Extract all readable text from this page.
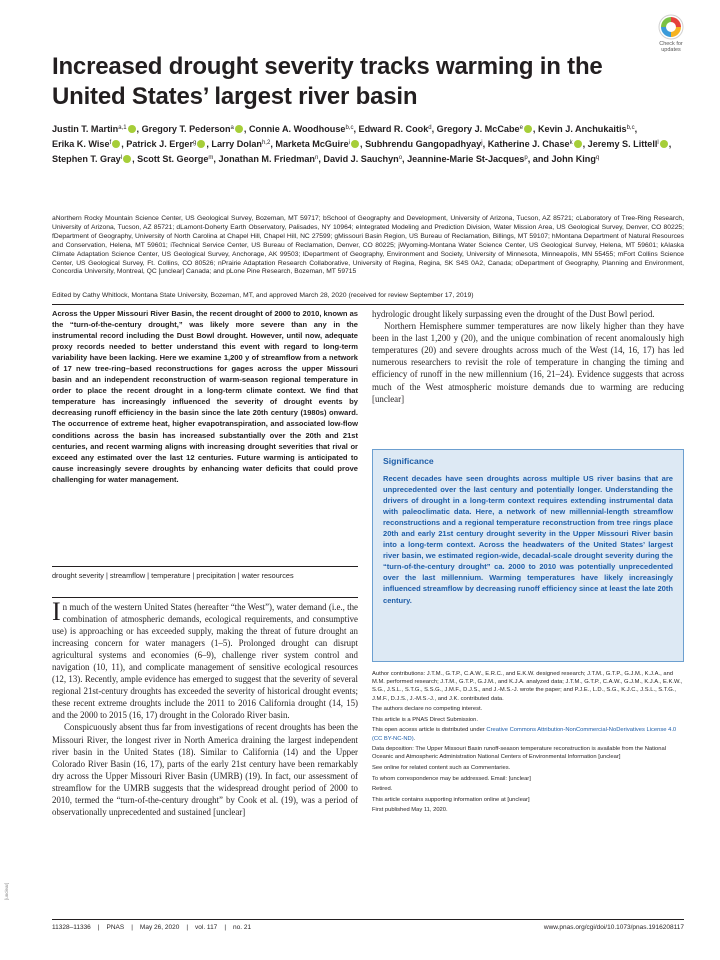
Check for updates
Increased drought severity tracks warming in the United States’ largest river basin
Justin T. Martin$^{a,1}$ , Gregory T. Pederson$^a$ , Connie A. Woodhouse$^{b,c}$, Edward R. Cook$^d$, Gregory J. McCabe$^e$ , Kevin J. Anchukaitis$^{b,c}$, Erika K. Wise$^f$ , Patrick J. Erger$^g$ , Larry Dolan$^{h,2}$, Marketa McGuire$^i$ , Subhrendu Gangopadhyay$^j$, Katherine J. Chase$^k$ , Jeremy S. Littell$^l$ , Stephen T. Gray$^l$ , Scott St. George$^m$, Jonathan M. Friedman$^n$, David J. Sauchyn$^o$, Jeannine-Marie St-Jacques$^p$, and John King$^q$
aNorthern Rocky Mountain Science Center, US Geological Survey, Bozeman, MT 59717; bSchool of Geography and Development, University of Arizona, Tucson, AZ 85721; cLaboratory of Tree-Ring Research, University of Arizona, Tucson, AZ 85721; dLamont-Doherty Earth Observatory, Palisades, NY 10964; eIntegrated Modeling and Prediction Division, Water Mission Area, US Geological Survey, Denver, CO 80225; fDepartment of Geography, University of North Carolina at Chapel Hill, Chapel Hill, NC 27599; gMissouri Basin Region, US Bureau of Reclamation, Billings, MT 59107; hMontana Department of Natural Resources and Conservation, Helena, MT 59601; iTechnical Service Center, US Bureau of Reclamation, Denver, CO 80225; jWyoming-Montana Water Science Center, US Geological Survey, Helena, MT 59601; kAlaska Climate Adaptation Science Center, US Geological Survey, Anchorage, AK 99503; lDepartment of Geography, Environment and Society, University of Minnesota, Minneapolis, MN 55455; mFort Collins Science Center, US Geological Survey, Ft. Collins, CO 80526; nPrairie Adaptation Research Collaborative, University of Regina, Regina, SK S4S 0A2, Canada; oDepartment of Geography, Planning and Environment, Concordia University, Montreal, QC [unclear] Canada; and pLone Pine Research, Bozeman, MT 59715
Edited by Cathy Whitlock, Montana State University, Bozeman, MT, and approved March 28, 2020 (received for review September 17, 2019)
Across the Upper Missouri River Basin, the recent drought of 2000 to 2010, known as the “turn-of-the-century drought,” was likely more severe than any in the instrumental record including the Dust Bowl drought. However, until now, adequate proxy records needed to better understand this event with regard to long-term variability have been lacking. Here we examine 1,200 y of streamflow from a network of 17 new tree-ring–based reconstructions for gages across the upper Missouri basin and an independent reconstruction of warm-season regional temperature in order to place the recent drought in a long-term climate context. We find that temperature has increasingly influenced the severity of drought events by decreasing runoff efficiency in the basin since the late 20th century (1980s) onward. The occurrence of extreme heat, higher evapotranspiration, and associated low-flow conditions across the basin has increased substantially over the 20th and 21st centuries, and recent warming aligns with increasing drought severities that rival or exceed any estimated over the last 12 centuries. Future warming is anticipated to cause increasingly severe droughts by enhancing water deficits that could prove challenging for water management.
drought severity | streamflow | temperature | precipitation | water resources

In much of the western United States (hereafter “the West”), water demand (i.e., the combination of atmospheric demands, ecological requirements, and consumptive use) is approaching or has exceeded supply, making the threat of future drought an increasing concern for water managers (1–5). Prolonged drought can disrupt agricultural systems and economies (6–9), challenge river system control and navigation (10, 11), and complicate management of sensitive ecological resources (12, 13). Recently, ample evidence has emerged to suggest that the severity of several regional 21st-century droughts has exceeded the severity of historical drought events; these recent extreme droughts include the 2011 to 2016 California drought (14, 15) and the 2000 to 2015 (16, 17) drought in the Colorado River basin.

Conspicuously absent thus far from investigations of recent droughts has been the Missouri River, the longest river in North America draining the largest independent river basin in the United States (18). Similar to California (14) and the Upper Colorado River Basin (16, 17), parts of the early 21st century have been remarkably dry across the Upper Missouri River Basin (UMRB) (19). In fact, our assessment of streamflow for the UMRB suggests that the widespread drought period of 2000 to 2010, termed the “turn-of-the-century drought” by Cook et al. (19), was a period of observationally unprecedented and sustained [unclear]

hydrologic drought likely surpassing even the drought of the Dust Bowl period.

Northern Hemisphere summer temperatures are now likely higher than they have been in the last 1,200 y (20), and the unique combination of recent anomalously high temperatures (20) and severe droughts across much of the West (14, 16, 17) has led numerous researchers to revisit the role of temperature in changing the timing and efficiency of runoff in the new millennium (16, 21–24). Evidence suggests that across much of the West atmospheric moisture demands due to warming are reducing [unclear]

Significance
Recent decades have seen droughts across multiple US river basins that are unprecedented over the last century and potentially longer. Understanding the drivers of drought in a long-term context requires extending instrumental data with paleoclimatic data. Here, a network of new millennial-length streamflow reconstructions and a regional temperature reconstruction from tree rings place 20th and early 21st century drought severity in the Upper Missouri River basin into a long-term context. Across the headwaters of the United States’ largest river basin, we estimated region-wide, decadal-scale drought severity during the “turn-of-the-century drought” ca. 2000 to 2010 was potentially unprecedented over the last millennium. Warming temperatures have likely increasingly influenced streamflow by decreasing runoff efficiency since at least the late 20th century.

Author contributions: J.T.M., G.T.P., C.A.W., E.R.C., and E.K.W. designed research; J.T.M., G.T.P., G.J.M., K.J.A., and M.M. performed research; J.T.M., G.T.P., G.J.M., and K.J.A. analyzed data; J.T.M., G.T.P., C.A.W., G.J.M., K.J.A., E.K.W., S.G., J.S.L., S.T.G., S.S.G., J.M.F., D.J.S., and J.-M.S.-J. wrote the paper; and P.J.E., L.D., S.G., K.J.C., J.S.L., S.T.G., J.M.F., D.J.S., J.-M.S.-J., and J.K. contributed data.

The authors declare no competing interest.

This article is a PNAS Direct Submission.

This open access article is distributed under Creative Commons Attribution-NonCommercial-NoDerivatives License 4.0 (CC BY-NC-ND).

Data deposition: The Upper Missouri Basin runoff-season temperature reconstruction is available from the National Oceanic and Atmospheric Administration National Centers of Environmental Information [unclear]

See online for related content such as Commentaries.

To whom correspondence may be addressed. Email: [unclear]

Retired.

This article contains supporting information online at [unclear]

First published May 11, 2020.

11328–11336 | PNAS | May 26, 2020 | vol. 117 | no. 21	www.pnas.org/cgi/doi/10.1073/pnas.1916208117
[unclear]
